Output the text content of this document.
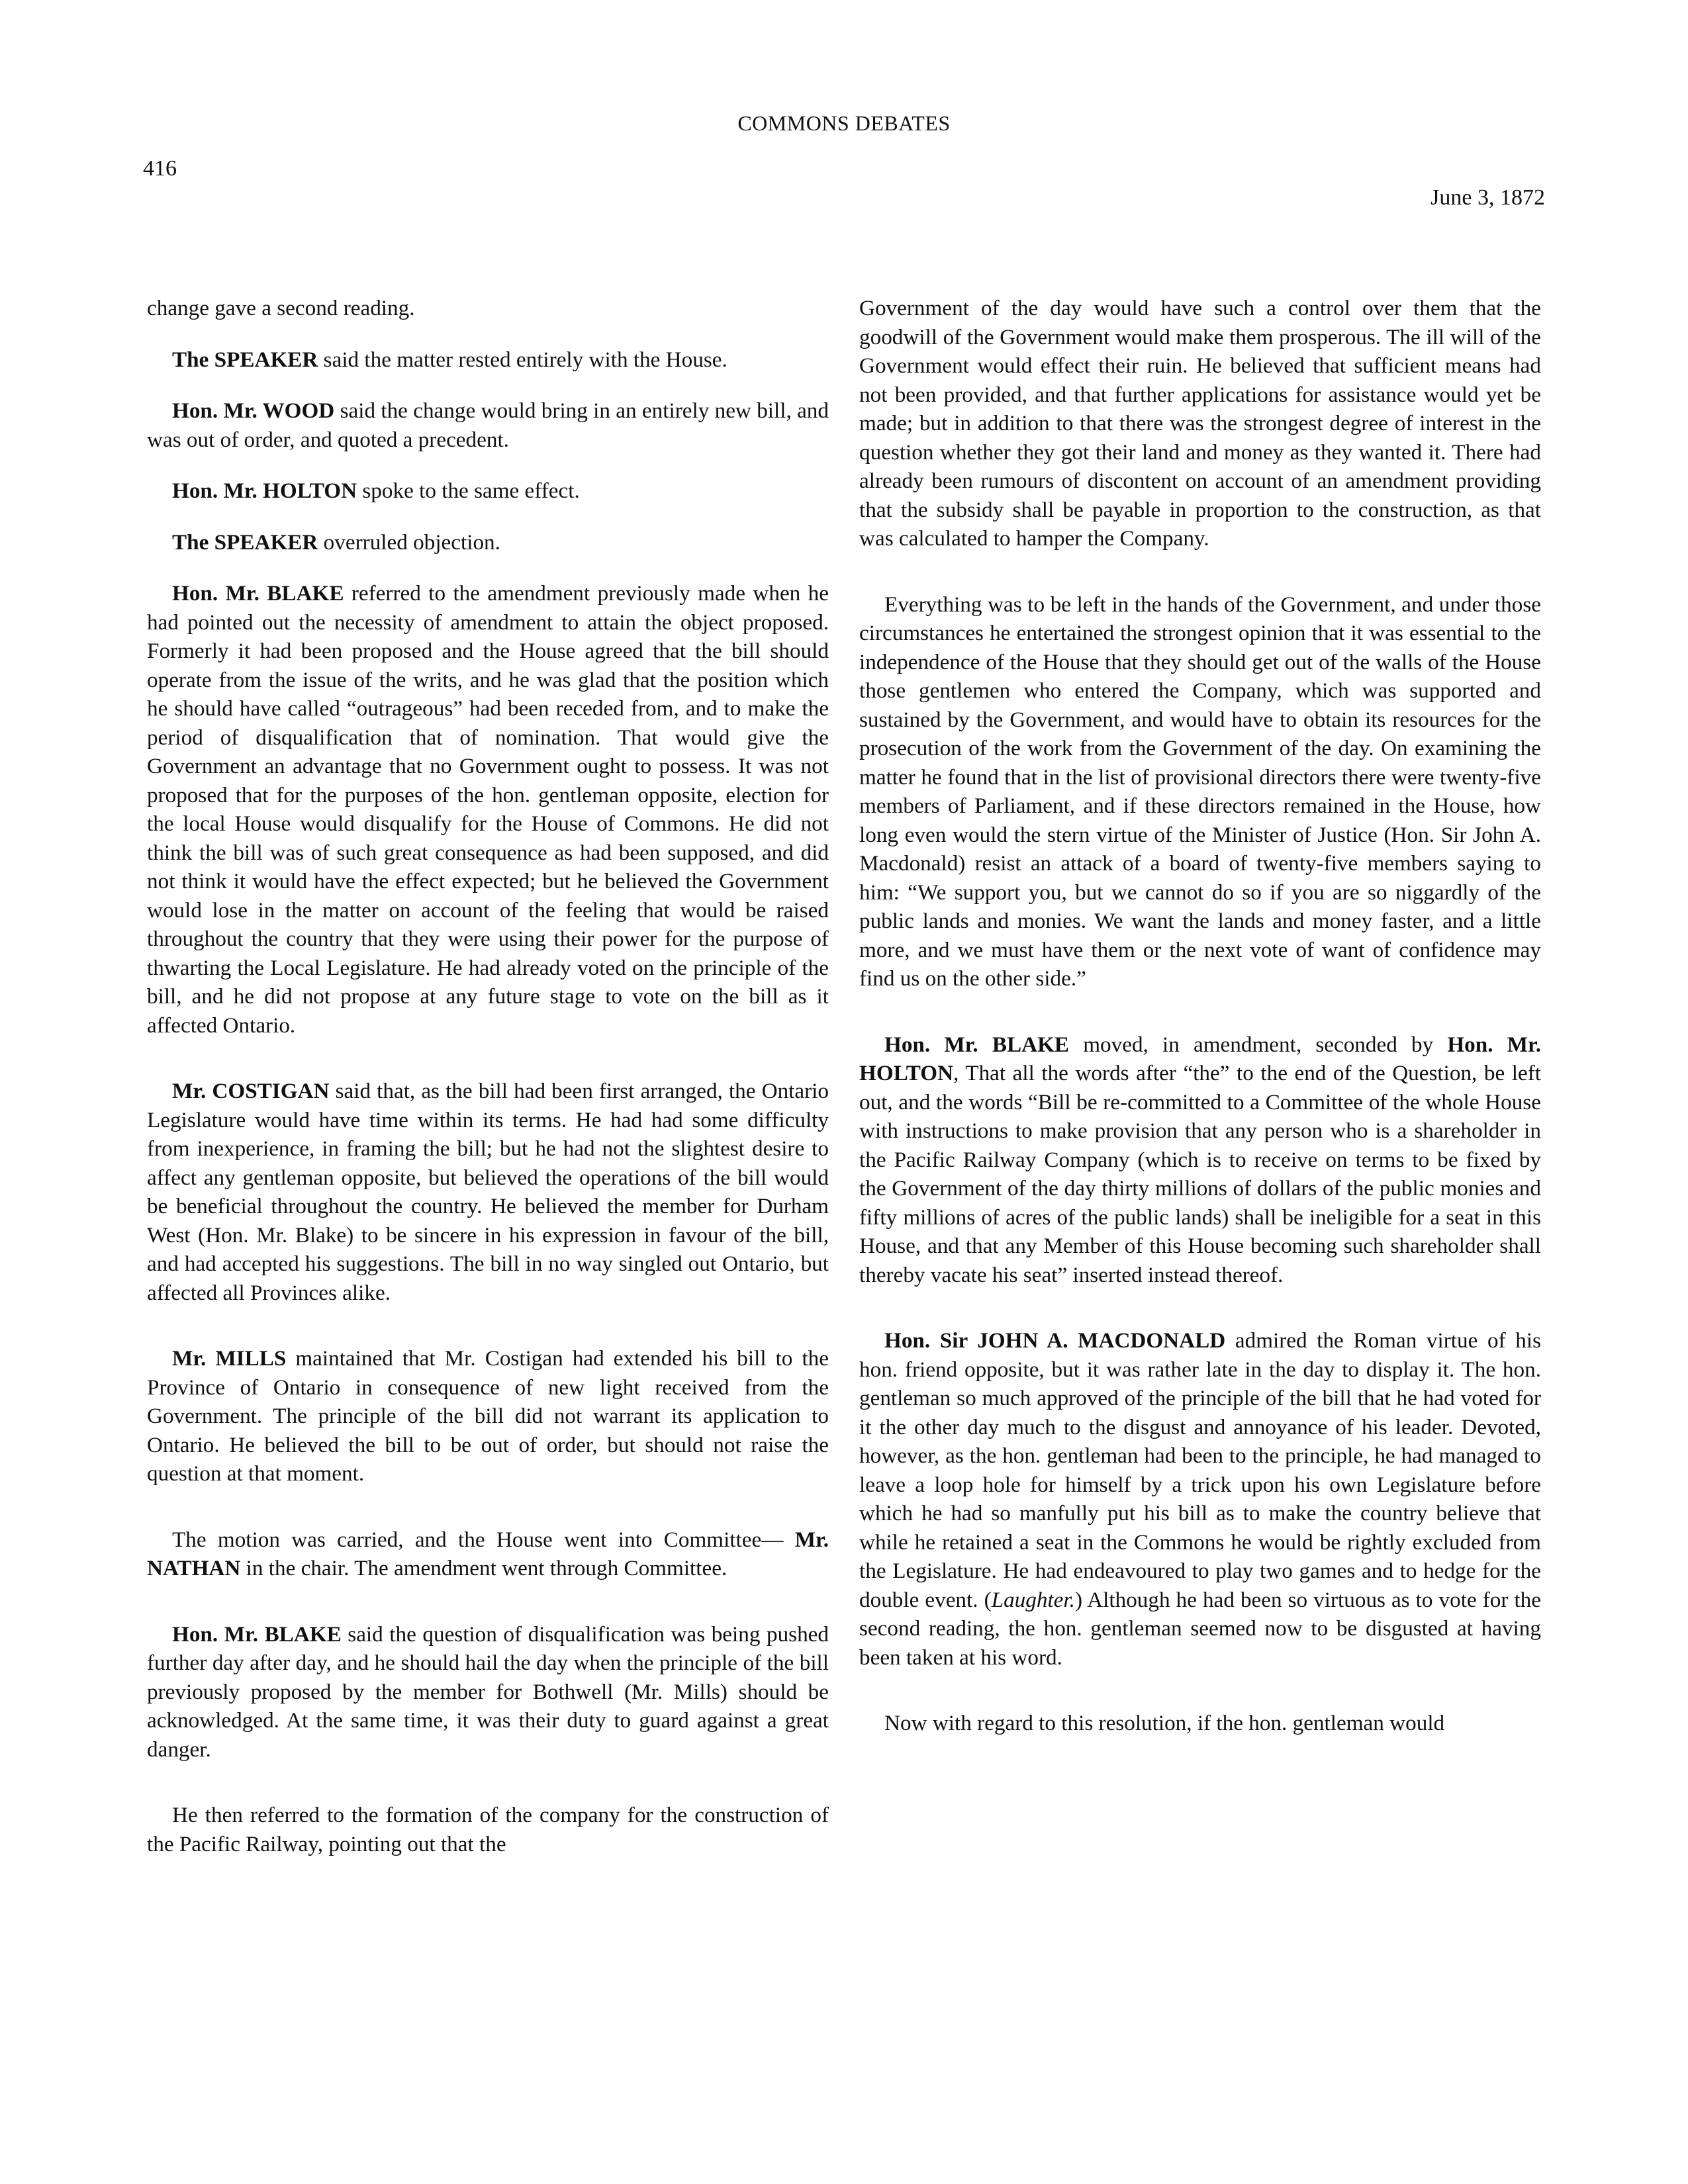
COMMONS DEBATES
416
June 3, 1872

change gave a second reading.

The SPEAKER said the matter rested entirely with the House.

Hon. Mr. WOOD said the change would bring in an entirely new bill, and was out of order, and quoted a precedent.

Hon. Mr. HOLTON spoke to the same effect.

The SPEAKER overruled objection.

Hon. Mr. BLAKE referred to the amendment previously made when he had pointed out the necessity of amendment to attain the object proposed. Formerly it had been proposed and the House agreed that the bill should operate from the issue of the writs, and he was glad that the position which he should have called “outrageous” had been receded from, and to make the period of disqualification that of nomination. That would give the Government an advantage that no Government ought to possess. It was not proposed that for the purposes of the hon. gentleman opposite, election for the local House would disqualify for the House of Commons. He did not think the bill was of such great consequence as had been supposed, and did not think it would have the effect expected; but he believed the Government would lose in the matter on account of the feeling that would be raised throughout the country that they were using their power for the purpose of thwarting the Local Legislature. He had already voted on the principle of the bill, and he did not propose at any future stage to vote on the bill as it affected Ontario.

Mr. COSTIGAN said that, as the bill had been first arranged, the Ontario Legislature would have time within its terms. He had had some difficulty from inexperience, in framing the bill; but he had not the slightest desire to affect any gentleman opposite, but believed the operations of the bill would be beneficial throughout the country. He believed the member for Durham West (Hon. Mr. Blake) to be sincere in his expression in favour of the bill, and had accepted his suggestions. The bill in no way singled out Ontario, but affected all Provinces alike.

Mr. MILLS maintained that Mr. Costigan had extended his bill to the Province of Ontario in consequence of new light received from the Government. The principle of the bill did not warrant its application to Ontario. He believed the bill to be out of order, but should not raise the question at that moment.

The motion was carried, and the House went into Committee— Mr. NATHAN in the chair. The amendment went through Committee.

Hon. Mr. BLAKE said the question of disqualification was being pushed further day after day, and he should hail the day when the principle of the bill previously proposed by the member for Bothwell (Mr. Mills) should be acknowledged. At the same time, it was their duty to guard against a great danger.

He then referred to the formation of the company for the construction of the Pacific Railway, pointing out that the

Government of the day would have such a control over them that the goodwill of the Government would make them prosperous. The ill will of the Government would effect their ruin. He believed that sufficient means had not been provided, and that further applications for assistance would yet be made; but in addition to that there was the strongest degree of interest in the question whether they got their land and money as they wanted it. There had already been rumours of discontent on account of an amendment providing that the subsidy shall be payable in proportion to the construction, as that was calculated to hamper the Company.

Everything was to be left in the hands of the Government, and under those circumstances he entertained the strongest opinion that it was essential to the independence of the House that they should get out of the walls of the House those gentlemen who entered the Company, which was supported and sustained by the Government, and would have to obtain its resources for the prosecution of the work from the Government of the day. On examining the matter he found that in the list of provisional directors there were twenty-five members of Parliament, and if these directors remained in the House, how long even would the stern virtue of the Minister of Justice (Hon. Sir John A. Macdonald) resist an attack of a board of twenty-five members saying to him: “We support you, but we cannot do so if you are so niggardly of the public lands and monies. We want the lands and money faster, and a little more, and we must have them or the next vote of want of confidence may find us on the other side.”

Hon. Mr. BLAKE moved, in amendment, seconded by Hon. Mr. HOLTON, That all the words after “the” to the end of the Question, be left out, and the words “Bill be re-committed to a Committee of the whole House with instructions to make provision that any person who is a shareholder in the Pacific Railway Company (which is to receive on terms to be fixed by the Government of the day thirty millions of dollars of the public monies and fifty millions of acres of the public lands) shall be ineligible for a seat in this House, and that any Member of this House becoming such shareholder shall thereby vacate his seat” inserted instead thereof.

Hon. Sir JOHN A. MACDONALD admired the Roman virtue of his hon. friend opposite, but it was rather late in the day to display it. The hon. gentleman so much approved of the principle of the bill that he had voted for it the other day much to the disgust and annoyance of his leader. Devoted, however, as the hon. gentleman had been to the principle, he had managed to leave a loop hole for himself by a trick upon his own Legislature before which he had so manfully put his bill as to make the country believe that while he retained a seat in the Commons he would be rightly excluded from the Legislature. He had endeavoured to play two games and to hedge for the double event. (Laughter.) Although he had been so virtuous as to vote for the second reading, the hon. gentleman seemed now to be disgusted at having been taken at his word.

Now with regard to this resolution, if the hon. gentleman would
